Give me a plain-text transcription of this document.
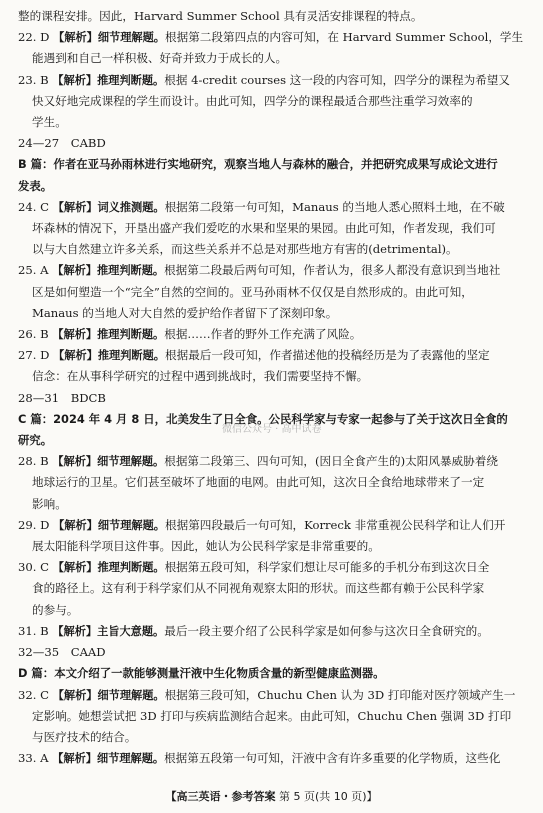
整的课程安排。因此，Harvard Summer School 具有灵活安排课程的特点。

22. D 【解析】细节理解题。根据第二段第四点的内容可知，在 Harvard Summer School，学生

能遇到和自己一样积极、好奇并致力于成长的人。

23. B 【解析】推理判断题。根据 4-credit courses 这一段的内容可知，四学分的课程为希望又

快又好地完成课程的学生而设计。由此可知，四学分的课程最适合那些注重学习效率的

学生。

24—27　CABD

B 篇：作者在亚马孙雨林进行实地研究，观察当地人与森林的融合，并把研究成果写成论文进行

发表。

24. C 【解析】词义推测题。根据第二段第一句可知，Manaus 的当地人悉心照料土地，在不破

坏森林的情况下，开垦出盛产我们爱吃的水果和坚果的果园。由此可知，作者发现，我们可

以与大自然建立许多关系，而这些关系并不总是对那些地方有害的(detrimental)。

25. A 【解析】推理判断题。根据第二段最后两句可知，作者认为，很多人都没有意识到当地社

区是如何塑造一个“完全”自然的空间的。亚马孙雨林不仅仅是自然形成的。由此可知，

Manaus 的当地人对大自然的爱护给作者留下了深刻印象。

26. B 【解析】推理判断题。根据……作者的野外工作充满了风险。

27. D 【解析】推理判断题。根据最后一段可知，作者描述他的投稿经历是为了表露他的坚定

信念：在从事科学研究的过程中遇到挑战时，我们需要坚持不懈。

28—31　BDCB

C 篇：2024 年 4 月 8 日，北美发生了日全食。公民科学家与专家一起参与了关于这次日全食的

研究。

28. B 【解析】细节理解题。根据第二段第三、四句可知，(因日全食产生的)太阳风暴威胁着绕

地球运行的卫星。它们甚至破坏了地面的电网。由此可知，这次日全食给地球带来了一定

影响。

29. D 【解析】细节理解题。根据第四段最后一句可知，Korreck 非常重视公民科学和让人们开

展太阳能科学项目这件事。因此，她认为公民科学家是非常重要的。

30. C 【解析】推理判断题。根据第五段可知，科学家们想让尽可能多的手机分布到这次日全

食的路径上。这有利于科学家们从不同视角观察太阳的形状。而这些都有赖于公民科学家

的参与。

31. B 【解析】主旨大意题。最后一段主要介绍了公民科学家是如何参与这次日全食研究的。

32—35　CAAD

D 篇：本文介绍了一款能够测量汗液中生化物质含量的新型健康监测器。

32. C 【解析】细节理解题。根据第三段可知，Chuchu Chen 认为 3D 打印能对医疗领域产生一

定影响。她想尝试把 3D 打印与疾病监测结合起来。由此可知，Chuchu Chen 强调 3D 打印

与医疗技术的结合。

33. A 【解析】细节理解题。根据第五段第一句可知，汗液中含有许多重要的化学物质，这些化

微信公众号 · 高中试卷
【高三英语・参考答案 第 5 页(共 10 页)】
